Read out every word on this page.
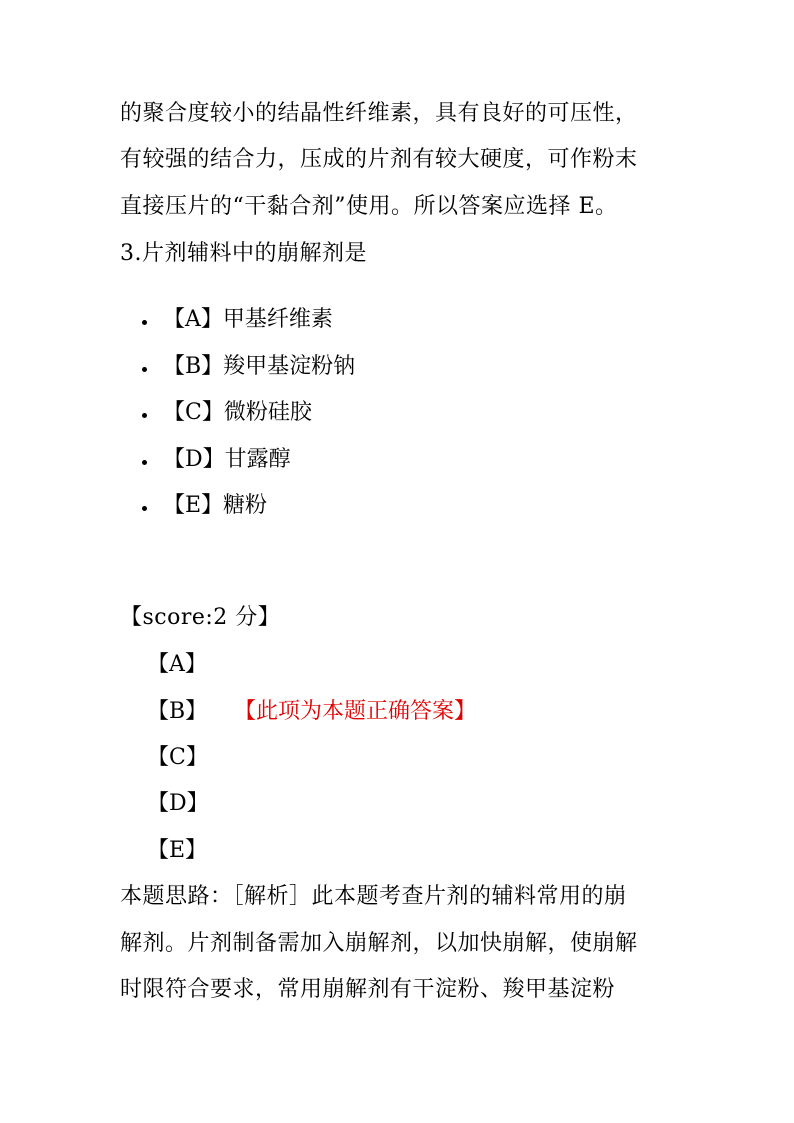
的聚合度较小的结晶性纤维素，具有良好的可压性，
有较强的结合力，压成的片剂有较大硬度，可作粉末
直接压片的“干黏合剂”使用。所以答案应选择 E。
3.片剂辅料中的崩解剂是
【A】甲基纤维素
【B】羧甲基淀粉钠
【C】微粉硅胶
【D】甘露醇
【E】糖粉
【score:2 分】
【A】
【B】 【此项为本题正确答案】
【C】
【D】
【E】
本题思路：［解析］此本题考查片剂的辅料常用的崩
解剂。片剂制备需加入崩解剂，以加快崩解，使崩解
时限符合要求，常用崩解剂有干淀粉、羧甲基淀粉
